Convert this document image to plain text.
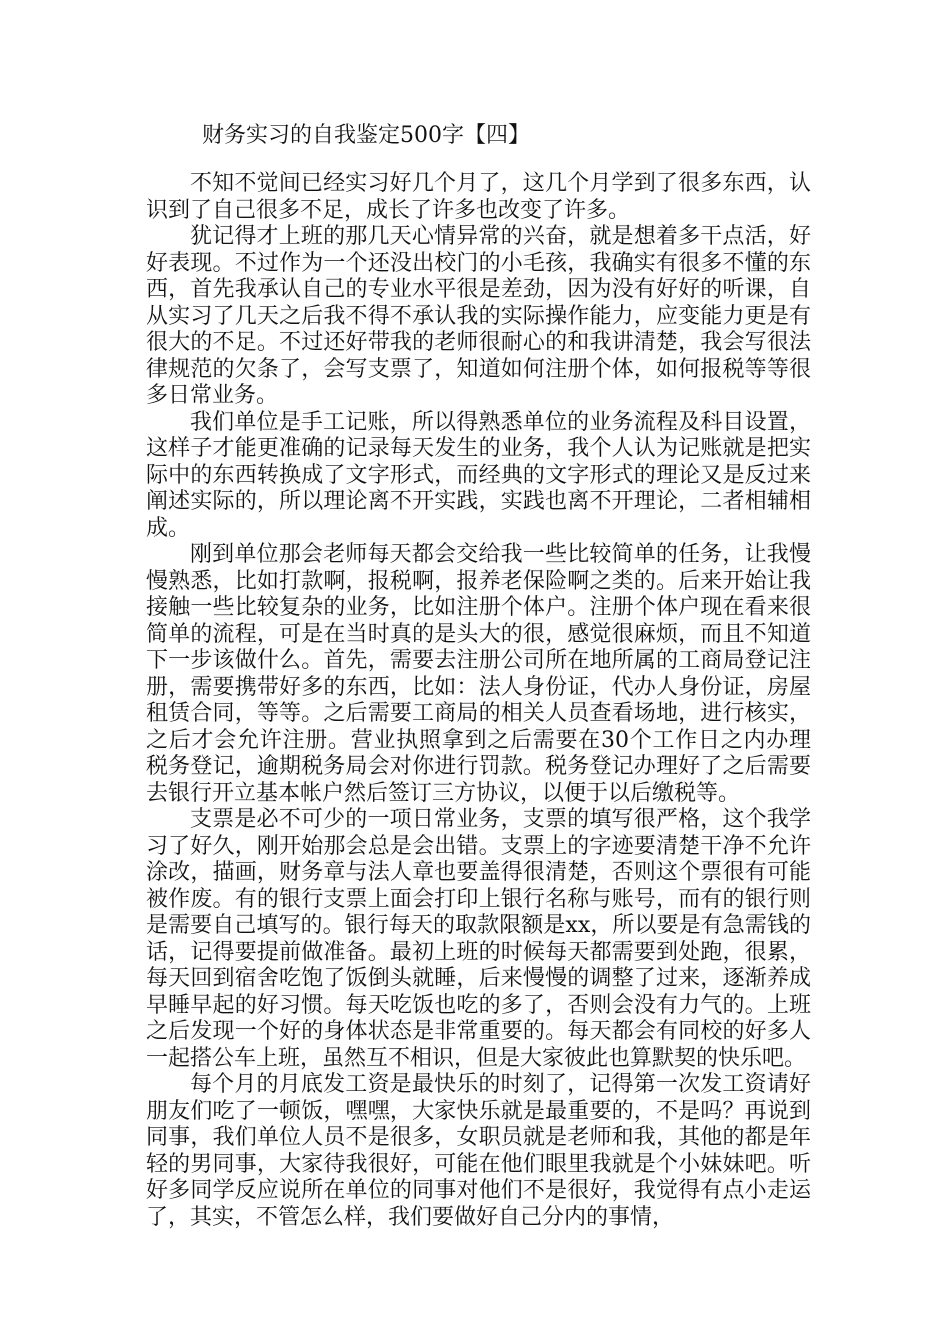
财务实习的自我鉴定500字【四】

不知不觉间已经实习好几个月了，这几个月学到了很多东西，认识到了自己很多不足，成长了许多也改变了许多。

犹记得才上班的那几天心情异常的兴奋，就是想着多干点活，好好表现。不过作为一个还没出校门的小毛孩，我确实有很多不懂的东西，首先我承认自己的专业水平很是差劲，因为没有好好的听课，自从实习了几天之后我不得不承认我的实际操作能力，应变能力更是有很大的不足。不过还好带我的老师很耐心的和我讲清楚，我会写很法律规范的欠条了，会写支票了，知道如何注册个体，如何报税等等很多日常业务。

我们单位是手工记账，所以得熟悉单位的业务流程及科目设置，这样子才能更准确的记录每天发生的业务，我个人认为记账就是把实际中的东西转换成了文字形式，而经典的文字形式的理论又是反过来阐述实际的，所以理论离不开实践，实践也离不开理论，二者相辅相成。

刚到单位那会老师每天都会交给我一些比较简单的任务，让我慢慢熟悉，比如打款啊，报税啊，报养老保险啊之类的。后来开始让我接触一些比较复杂的业务，比如注册个体户。注册个体户现在看来很简单的流程，可是在当时真的是头大的很，感觉很麻烦，而且不知道下一步该做什么。首先，需要去注册公司所在地所属的工商局登记注册，需要携带好多的东西，比如：法人身份证，代办人身份证，房屋租赁合同，等等。之后需要工商局的相关人员查看场地，进行核实，之后才会允许注册。营业执照拿到之后需要在30个工作日之内办理税务登记，逾期税务局会对你进行罚款。税务登记办理好了之后需要去银行开立基本帐户然后签订三方协议，以便于以后缴税等。

支票是必不可少的一项日常业务，支票的填写很严格，这个我学习了好久，刚开始那会总是会出错。支票上的字迹要清楚干净不允许涂改，描画，财务章与法人章也要盖得很清楚，否则这个票很有可能被作废。有的银行支票上面会打印上银行名称与账号，而有的银行则是需要自己填写的。银行每天的取款限额是xx，所以要是有急需钱的话，记得要提前做准备。最初上班的时候每天都需要到处跑，很累，每天回到宿舍吃饱了饭倒头就睡，后来慢慢的调整了过来，逐渐养成早睡早起的好习惯。每天吃饭也吃的多了，否则会没有力气的。上班之后发现一个好的身体状态是非常重要的。每天都会有同校的好多人一起搭公车上班，虽然互不相识，但是大家彼此也算默契的快乐吧。

每个月的月底发工资是最快乐的时刻了，记得第一次发工资请好朋友们吃了一顿饭，嘿嘿，大家快乐就是最重要的，不是吗？再说到同事，我们单位人员不是很多，女职员就是老师和我，其他的都是年轻的男同事，大家待我很好，可能在他们眼里我就是个小妹妹吧。听好多同学反应说所在单位的同事对他们不是很好，我觉得有点小走运了，其实，不管怎么样，我们要做好自己分内的事情，
